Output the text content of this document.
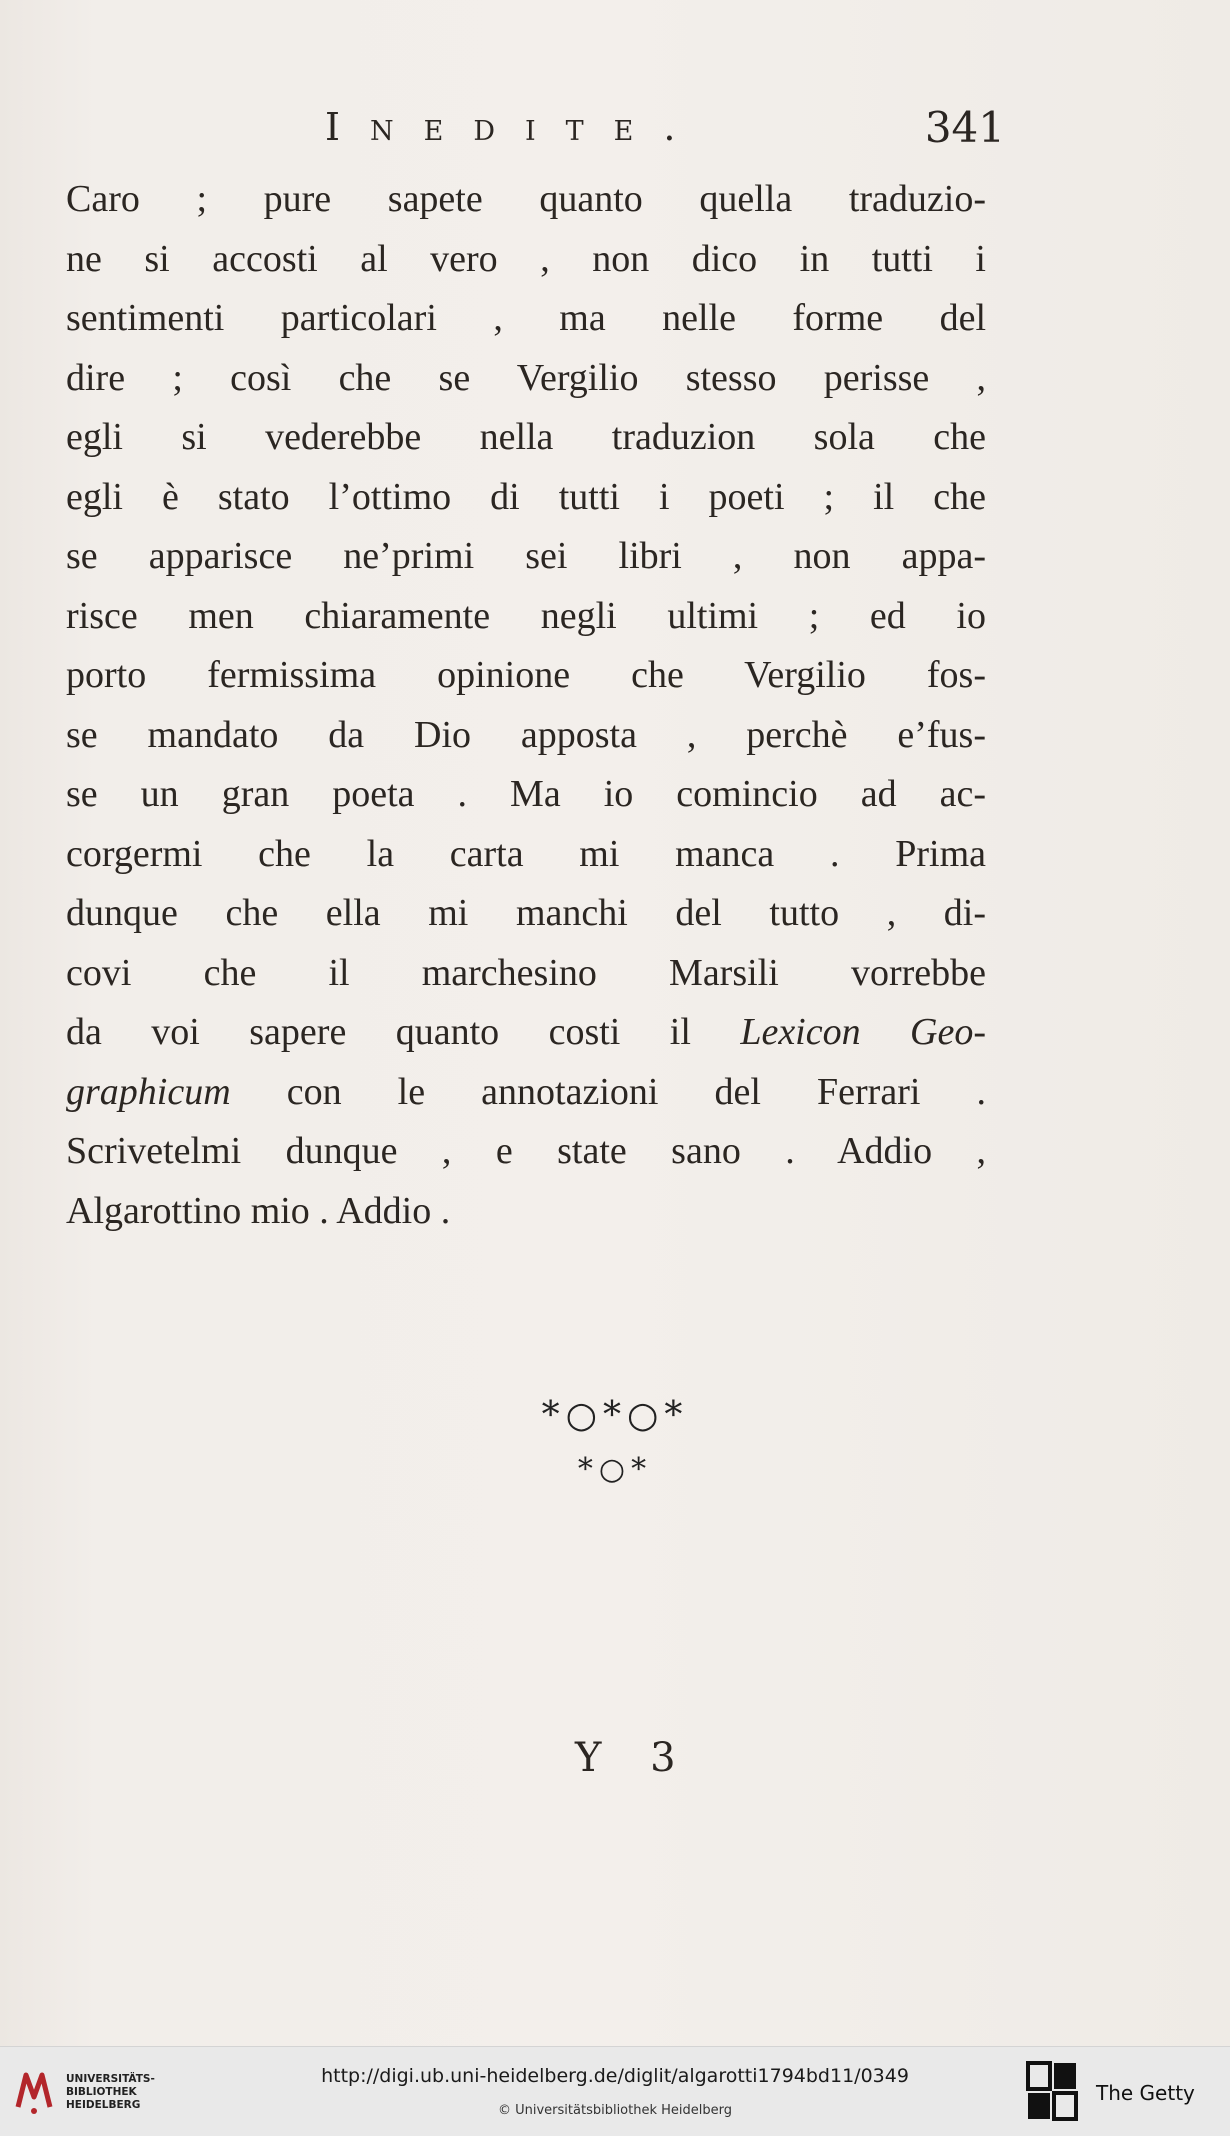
Inedite.	341
Caro ; pure sapete quanto quella traduzio-
ne si accosti al vero , non dico in tutti i
sentimenti particolari , ma nelle forme del
dire ; così che se Vergilio stesso perisse ,
egli si vederebbe nella traduzion sola che
egli è stato l’ottimo di tutti i poeti ; il che
se apparisce ne’primi sei libri , non appa-
risce men chiaramente negli ultimi ; ed io
porto fermissima opinione che Vergilio fos-
se mandato da Dio apposta , perchè e’fus-
se un gran poeta . Ma io comincio ad ac-
corgermi che la carta mi manca . Prima
dunque che ella mi manchi del tutto , di-
covi che il marchesino Marsili vorrebbe
da voi sapere quanto costi il Lexicon Geo-
graphicum con le annotazioni del Ferrari .
Scrivetelmi dunque , e state sano . Addio ,
Algarottino mio . Addio .
*○*○*
*○*
Y 3
UNIVERSITÄTS-
BIBLIOTHEK
HEIDELBERG
http://digi.ub.uni-heidelberg.de/diglit/algarotti1794bd11/0349
© Universitätsbibliothek Heidelberg
The Getty
